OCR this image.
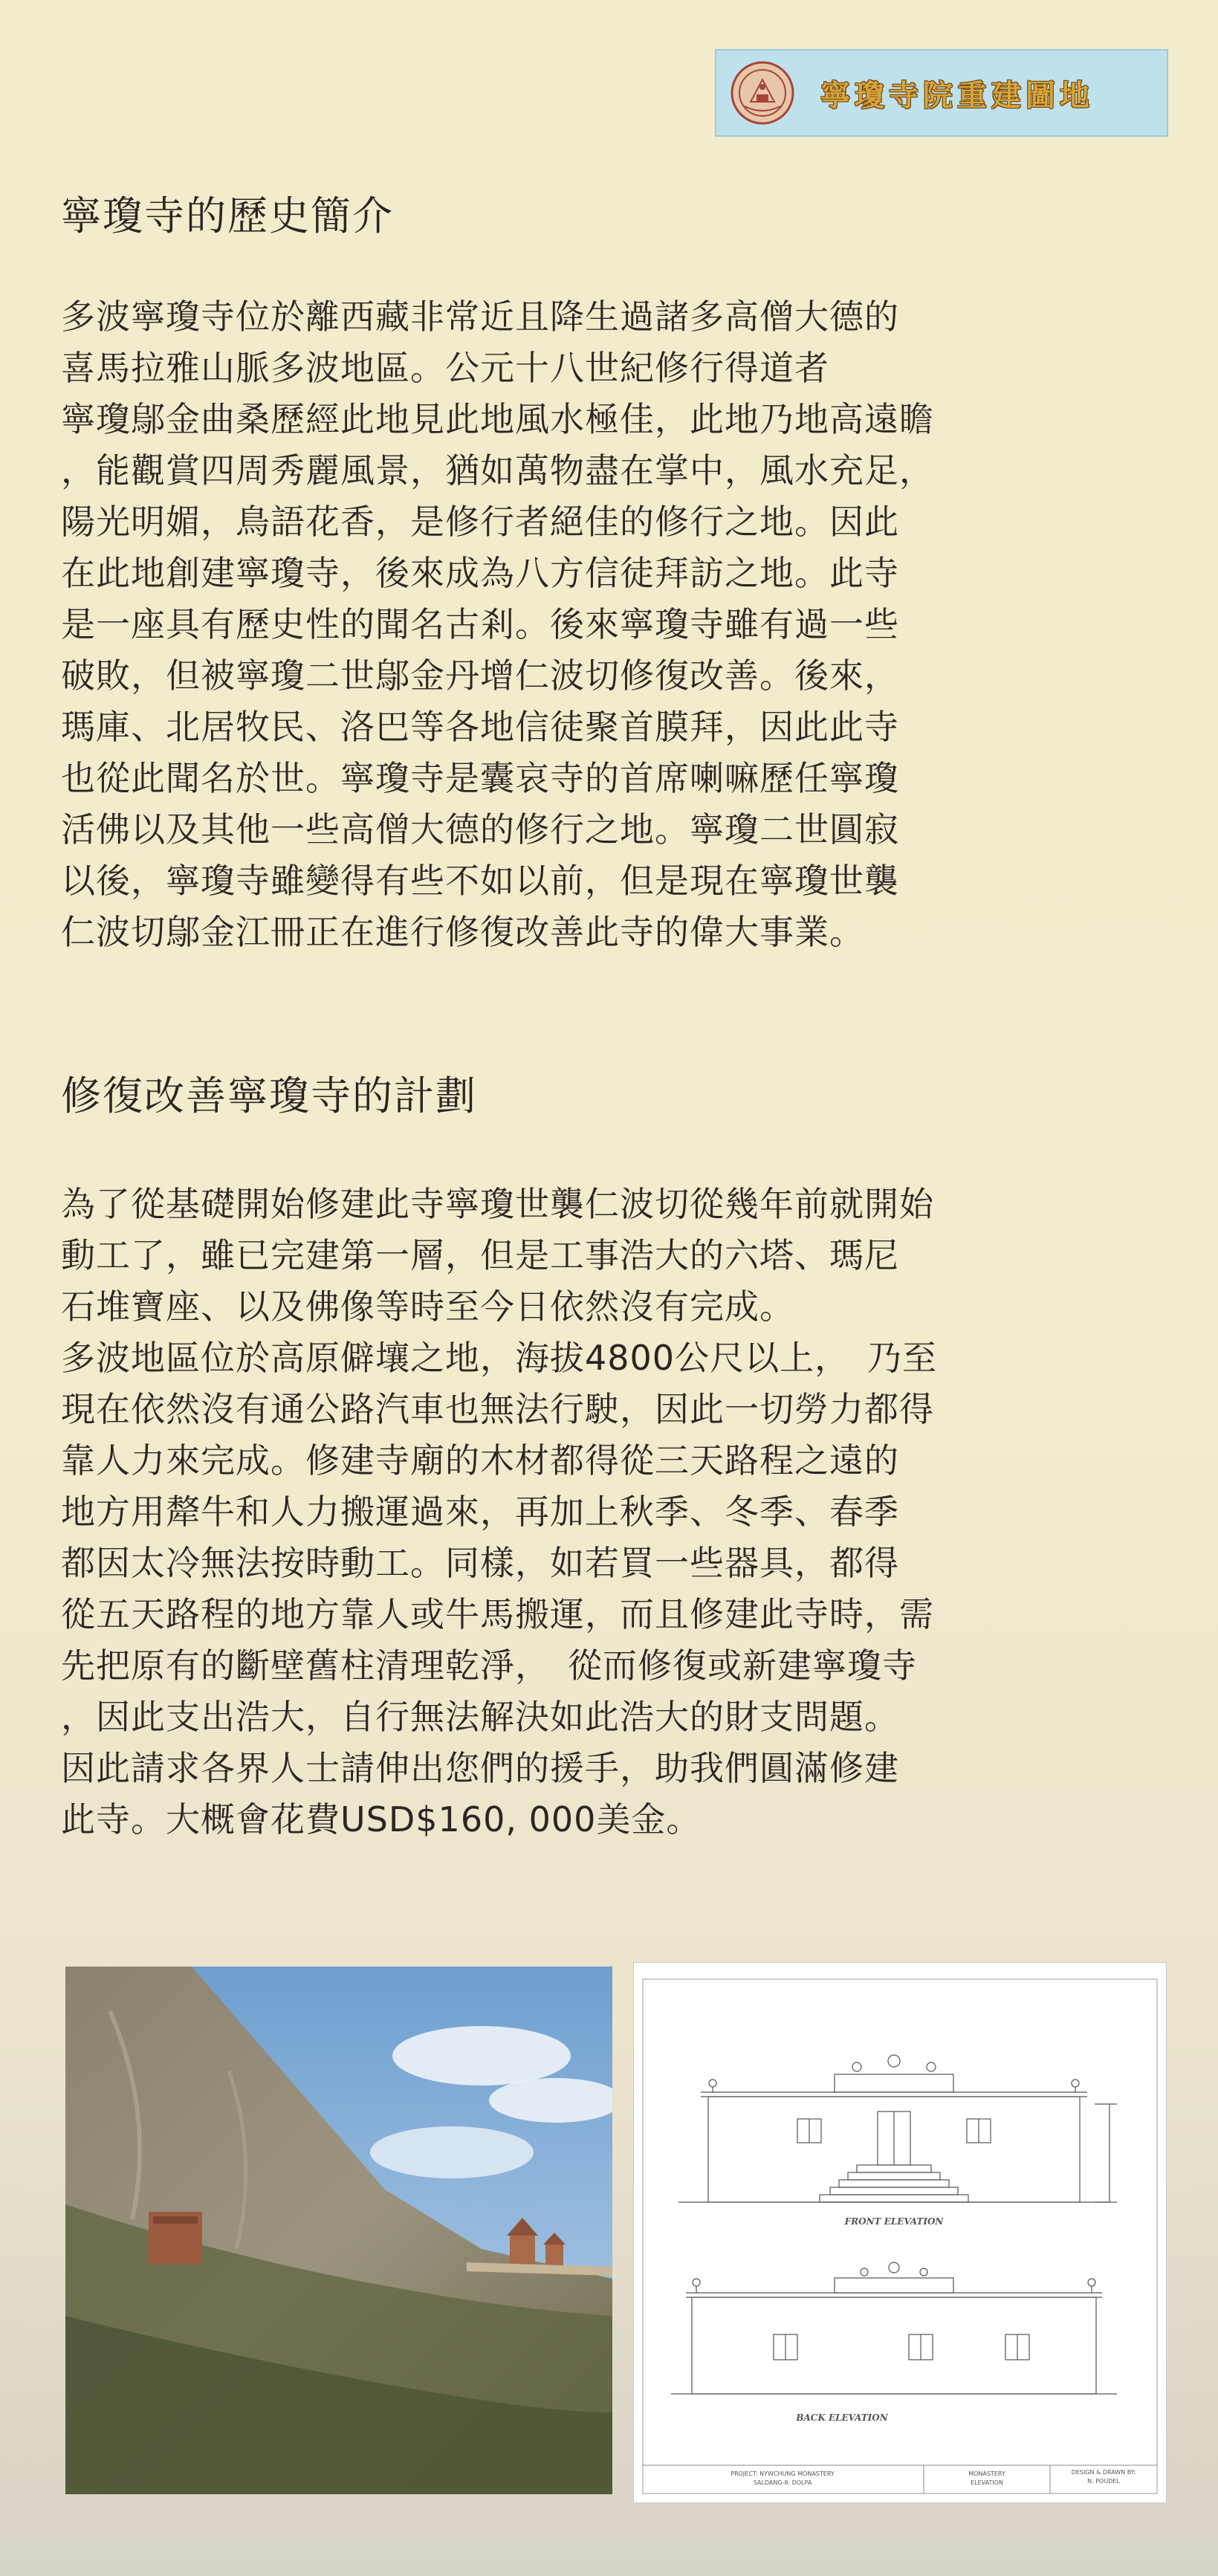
寧瓊寺院重建圖地
寧瓊寺的歷史簡介
多波寧瓊寺位於離西藏非常近且降生過諸多高僧大德的
喜馬拉雅山脈多波地區。公元十八世紀修行得道者
寧瓊鄔金曲桑歷經此地見此地風水極佳，此地乃地高遠瞻
，能觀賞四周秀麗風景，猶如萬物盡在掌中，風水充足，
陽光明媚，鳥語花香，是修行者絕佳的修行之地。因此
在此地創建寧瓊寺，後來成為八方信徒拜訪之地。此寺
是一座具有歷史性的聞名古剎。後來寧瓊寺雖有過一些
破敗，但被寧瓊二世鄔金丹增仁波切修復改善。後來，
瑪庫、北居牧民、洛巴等各地信徒聚首膜拜，因此此寺
也從此聞名於世。寧瓊寺是囊哀寺的首席喇嘛歷任寧瓊
活佛以及其他一些高僧大德的修行之地。寧瓊二世圓寂
以後，寧瓊寺雖變得有些不如以前，但是現在寧瓊世襲
仁波切鄔金江冊正在進行修復改善此寺的偉大事業。
修復改善寧瓊寺的計劃
為了從基礎開始修建此寺寧瓊世襲仁波切從幾年前就開始
動工了，雖已完建第一層，但是工事浩大的六塔、瑪尼
石堆寶座、以及佛像等時至今日依然沒有完成。
多波地區位於高原僻壤之地，海拔4800公尺以上，　乃至
現在依然沒有通公路汽車也無法行駛，因此一切勞力都得
靠人力來完成。修建寺廟的木材都得從三天路程之遠的
地方用犛牛和人力搬運過來，再加上秋季、冬季、春季
都因太冷無法按時動工。同樣，如若買一些器具，都得
從五天路程的地方靠人或牛馬搬運，而且修建此寺時，需
先把原有的斷壁舊柱清理乾淨，　從而修復或新建寧瓊寺
，因此支出浩大，自行無法解決如此浩大的財支問題。
因此請求各界人士請伸出您們的援手，助我們圓滿修建
此寺。大概會花費USD$160, 000美金。
FRONT ELEVATION
BACK ELEVATION
PROJECT: NYWCHUNG MONASTERY
SALDANG-8, DOLPA
MONASTERY
ELEVATION
DESIGN & DRAWN BY:
N. POUDEL
